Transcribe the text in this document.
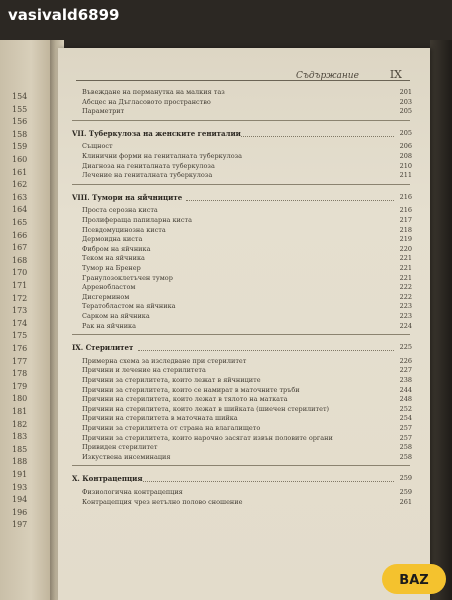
154
155
156
158
159
160
161
162
163
164
165
166
167
168
170
171
172
173
174
175
176
177
178
179
180
181
182
183
185
188
191
193
194
196
197
Съдържание	IX
Въвеждане на перманутка на малкия таз	201
Абсцес на Дъгласовото пространство	203
Параметрит	205
VII. Туберкулоза на женските гениталии	205
Същност	206
Клинични форми на гениталната туберкулоза	208
Диагноза на гениталната туберкулоза	210
Лечение на гениталната туберкулоза	211
VIII. Тумори на яйчниците	216
Проста серозна киста	216
Пролифераща папиларна киста	217
Псевдомуцинозна киста	218
Дермоидна киста	219
Фибром на яйчника	220
Теком на яйчника	221
Тумор на Бренер	221
Гранулозоклетъчен тумор	221
Арренобластом	222
Дисгермином	222
Тератобластом на яйчника	223
Сарком на яйчника	223
Рак на яйчника	224
IX. Стерилитет	225
Примерна схема за изследване при стерилитет	226
Причини и лечение на стерилитета	227
Причини за стерилитета, които лежат в яйчниците	238
Причини за стерилитета, които се намират в маточните тръби	244
Причини на стерилитета, които лежат в тялото на матката	248
Причини на стерилитета, които лежат в шийката (шиечен стерилитет)	252
Причини на стерилитета в маточната шийка	254
Причини за стерилитета от страна на влагалището	257
Причини за стерилитета, които нарочно засягат извън половите органи	257
Привиден стерилитет	258
Изкуствена инсеминация	258
X. Контрацепция	259
Физиологична контрацепция	259
Контрацепция чрез нетълно полово сношение	261
vasivald6899
BAZ
